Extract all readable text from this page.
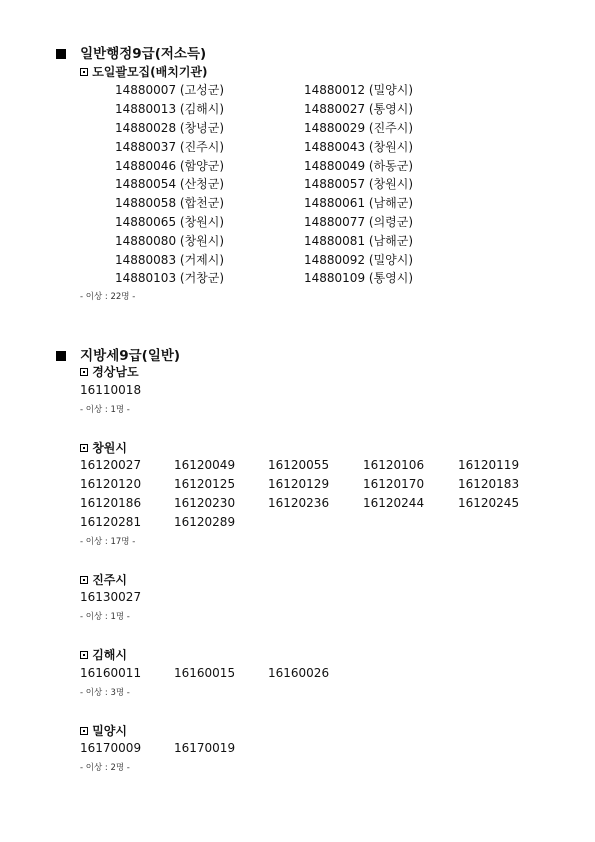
일반행정9급(저소득)
도일괄모집(배치기관)
14880007 (고성군)	14880012 (밀양시)
14880013 (김해시)	14880027 (통영시)
14880028 (창녕군)	14880029 (진주시)
14880037 (진주시)	14880043 (창원시)
14880046 (함양군)	14880049 (하동군)
14880054 (산청군)	14880057 (창원시)
14880058 (합천군)	14880061 (남해군)
14880065 (창원시)	14880077 (의령군)
14880080 (창원시)	14880081 (남해군)
14880083 (거제시)	14880092 (밀양시)
14880103 (거창군)	14880109 (통영시)
- 이상 : 22명 -
지방세9급(일반)
경상남도
16110018
- 이상 : 1명 -
창원시
16120027	16120049	16120055	16120106	16120119
16120120	16120125	16120129	16120170	16120183
16120186	16120230	16120236	16120244	16120245
16120281	16120289
- 이상 : 17명 -
진주시
16130027
- 이상 : 1명 -
김해시
16160011	16160015	16160026
- 이상 : 3명 -
밀양시
16170009	16170019
- 이상 : 2명 -
